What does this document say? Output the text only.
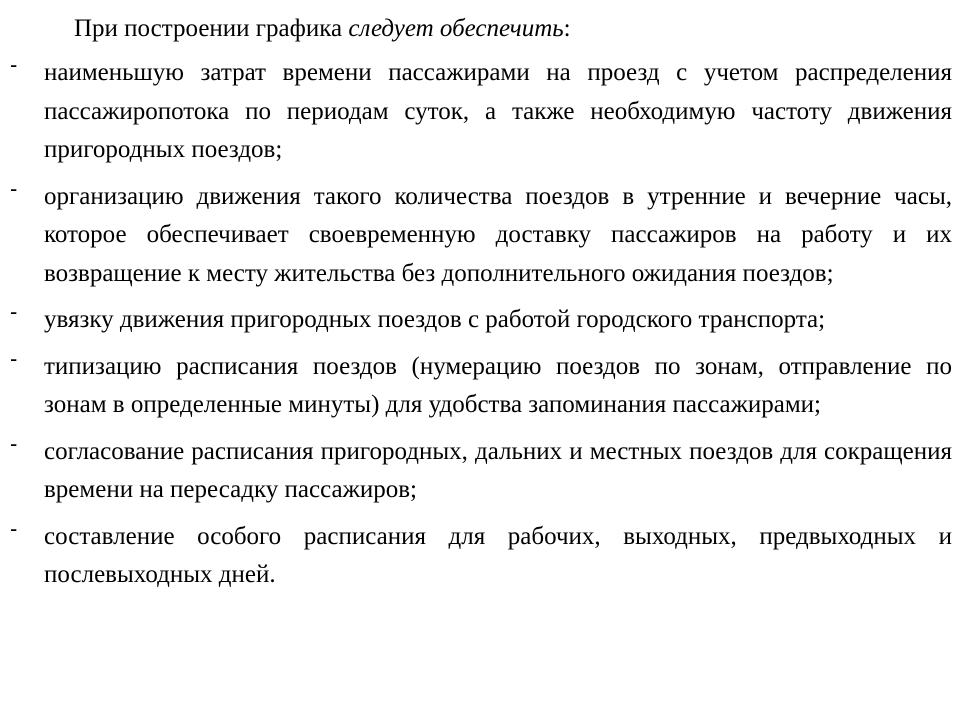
При построении графика следует обеспечить:
- наименьшую затрат времени пассажирами на проезд с учетом распределения пассажиропотока по периодам суток, а также необходимую частоту движения пригородных поездов;
- организацию движения такого количества поездов в утренние и вечерние часы, которое обеспечивает своевременную доставку пассажиров на работу и их возвращение к месту жительства без дополнительного ожидания поездов;
- увязку движения пригородных поездов с работой городского транспорта;
- типизацию расписания поездов (нумерацию поездов по зонам, отправление по зонам в определенные минуты) для удобства запоминания пассажирами;
- согласование расписания пригородных, дальних и местных поездов для сокращения времени на пересадку пассажиров;
- составление особого расписания для рабочих, выходных, предвыходных и послевыходных дней.
